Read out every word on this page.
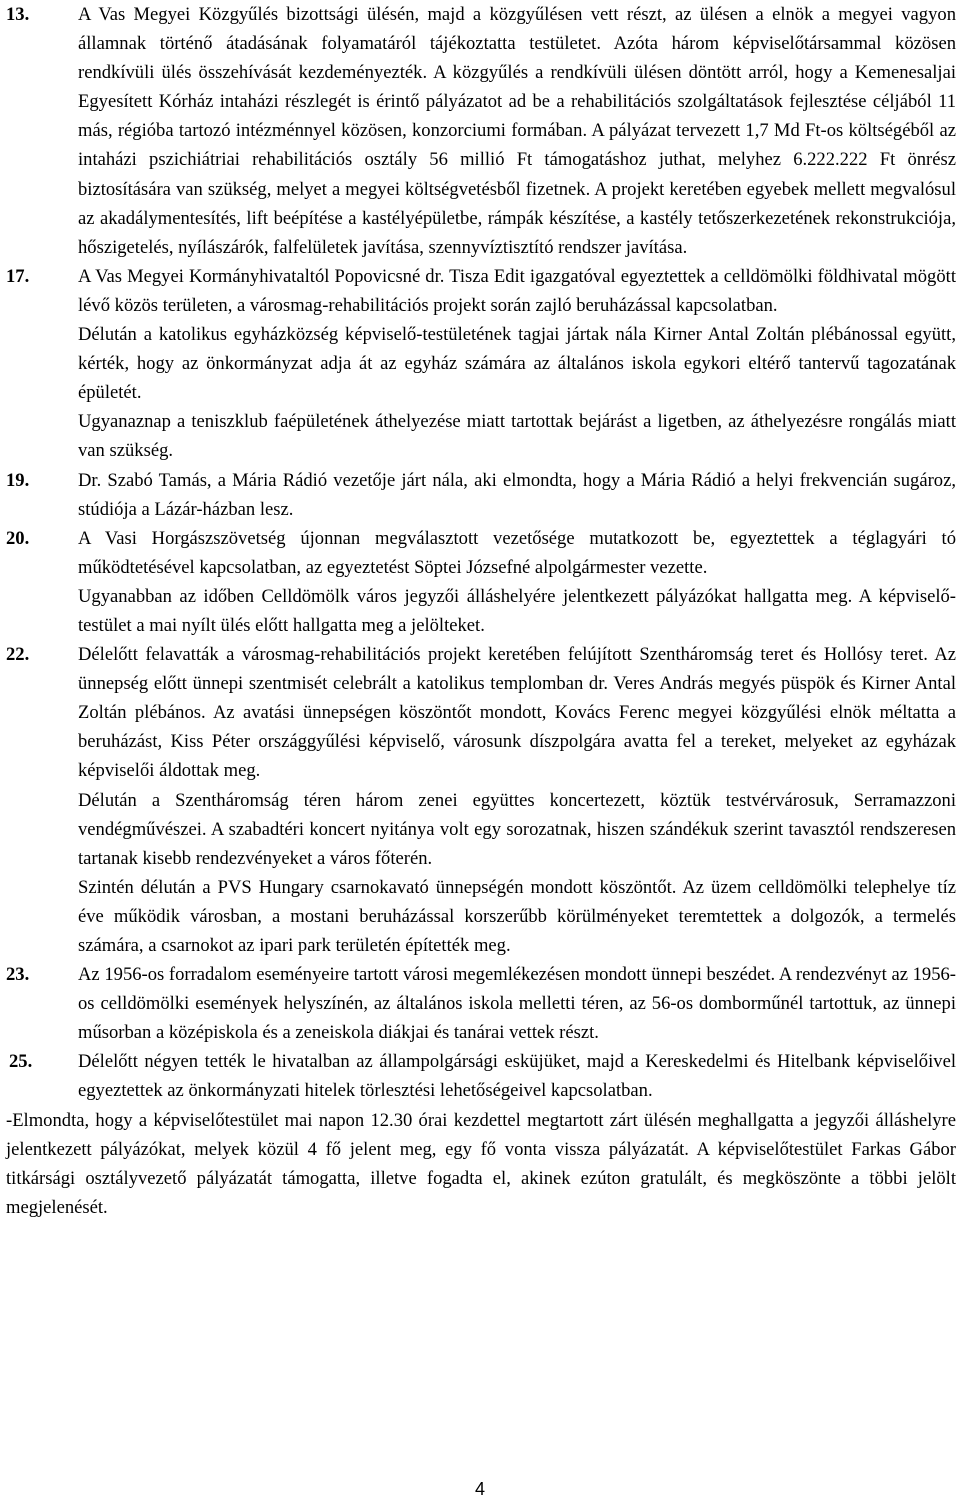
13.	A Vas Megyei Közgyűlés bizottsági ülésén, majd a közgyűlésen vett részt, az ülésen a elnök a megyei vagyon államnak történő átadásának folyamatáról tájékoztatta testületet. Azóta három képviselőtársammal közösen rendkívüli ülés összehívását kezdeményezték. A közgyűlés a rendkívüli ülésen döntött arról, hogy a Kemenesaljai Egyesített Kórház intaházi részlegét is érintő pályázatot ad be a rehabilitációs szolgáltatások fejlesztése céljából 11 más, régióba tartozó intézménnyel közösen, konzorciumi formában. A pályázat tervezett 1,7 Md Ft-os költségéből az intaházi pszichiátriai rehabilitációs osztály 56 millió Ft támogatáshoz juthat, melyhez 6.222.222 Ft önrész biztosítására van szükség, melyet a megyei költségvetésből fizetnek. A projekt keretében egyebek mellett megvalósul az akadálymentesítés, lift beépítése a kastélyépületbe, rámpák készítése, a kastély tetőszerkezetének rekonstrukciója, hőszigetelés, nyílászárók, falfelületek javítása, szennyvíztisztító rendszer javítása.

17.	A Vas Megyei Kormányhivataltól Popovicsné dr. Tisza Edit igazgatóval egyeztettek a celldömölki földhivatal mögött lévő közös területen, a városmag-rehabilitációs projekt során zajló beruházással kapcsolatban.

Délután a katolikus egyházközség képviselő-testületének tagjai jártak nála Kirner Antal Zoltán plébánossal együtt, kérték, hogy az önkormányzat adja át az egyház számára az általános iskola egykori eltérő tantervű tagozatának épületét.

Ugyanaznap a teniszklub faépületének áthelyezése miatt tartottak bejárást a ligetben, az áthelyezésre rongálás miatt van szükség.

19.	Dr. Szabó Tamás, a Mária Rádió vezetője járt nála, aki elmondta, hogy a Mária Rádió a helyi frekvencián sugároz, stúdiója a Lázár-házban lesz.

20.	A Vasi Horgászszövetség újonnan megválasztott vezetősége mutatkozott be, egyeztettek a téglagyári tó működtetésével kapcsolatban, az egyeztetést Söptei Józsefné alpolgármester vezette.

Ugyanabban az időben Celldömölk város jegyzői álláshelyére jelentkezett pályázókat hallgatta meg. A képviselő-testület a mai nyílt ülés előtt hallgatta meg a jelölteket.

22.	Délelőtt felavatták a városmag-rehabilitációs projekt keretében felújított Szentháromság teret és Hollósy teret. Az ünnepség előtt ünnepi szentmisét celebrált a katolikus templomban dr. Veres András megyés püspök és Kirner Antal Zoltán plébános. Az avatási ünnepségen köszöntőt mondott, Kovács Ferenc megyei közgyűlési elnök méltatta a beruházást, Kiss Péter országgyűlési képviselő, városunk díszpolgára avatta fel a tereket, melyeket az egyházak képviselői áldottak meg.

Délután a Szentháromság téren három zenei együttes koncertezett, köztük testvérvárosuk, Serramazzoni vendégművészei. A szabadtéri koncert nyitánya volt egy sorozatnak, hiszen szándékuk szerint tavasztól rendszeresen tartanak kisebb rendezvényeket a város főterén.

Szintén délután a PVS Hungary csarnokavató ünnepségén mondott köszöntőt. Az üzem celldömölki telephelye tíz éve működik városban, a mostani beruházással korszerűbb körülményeket teremtettek a dolgozók, a termelés számára, a csarnokot az ipari park területén építették meg.

23.	Az 1956-os forradalom eseményeire tartott városi megemlékezésen mondott ünnepi beszédet. A rendezvényt az 1956-os celldömölki események helyszínén, az általános iskola melletti téren, az 56-os domborműnél tartottuk, az ünnepi műsorban a középiskola és a zeneiskola diákjai és tanárai vettek részt.

25.	Délelőtt négyen tették le hivatalban az állampolgársági esküjüket, majd a Kereskedelmi és Hitelbank képviselőivel egyeztettek az önkormányzati hitelek törlesztési lehetőségeivel kapcsolatban.

-Elmondta, hogy a képviselőtestület mai napon 12.30 órai kezdettel megtartott zárt ülésén meghallgatta a jegyzői álláshelyre jelentkezett pályázókat, melyek közül 4 fő jelent meg, egy fő vonta vissza pályázatát. A képviselőtestület Farkas Gábor titkársági osztályvezető pályázatát támogatta, illetve fogadta el, akinek ezúton gratulált, és megköszönte a többi jelölt megjelenését.

4
